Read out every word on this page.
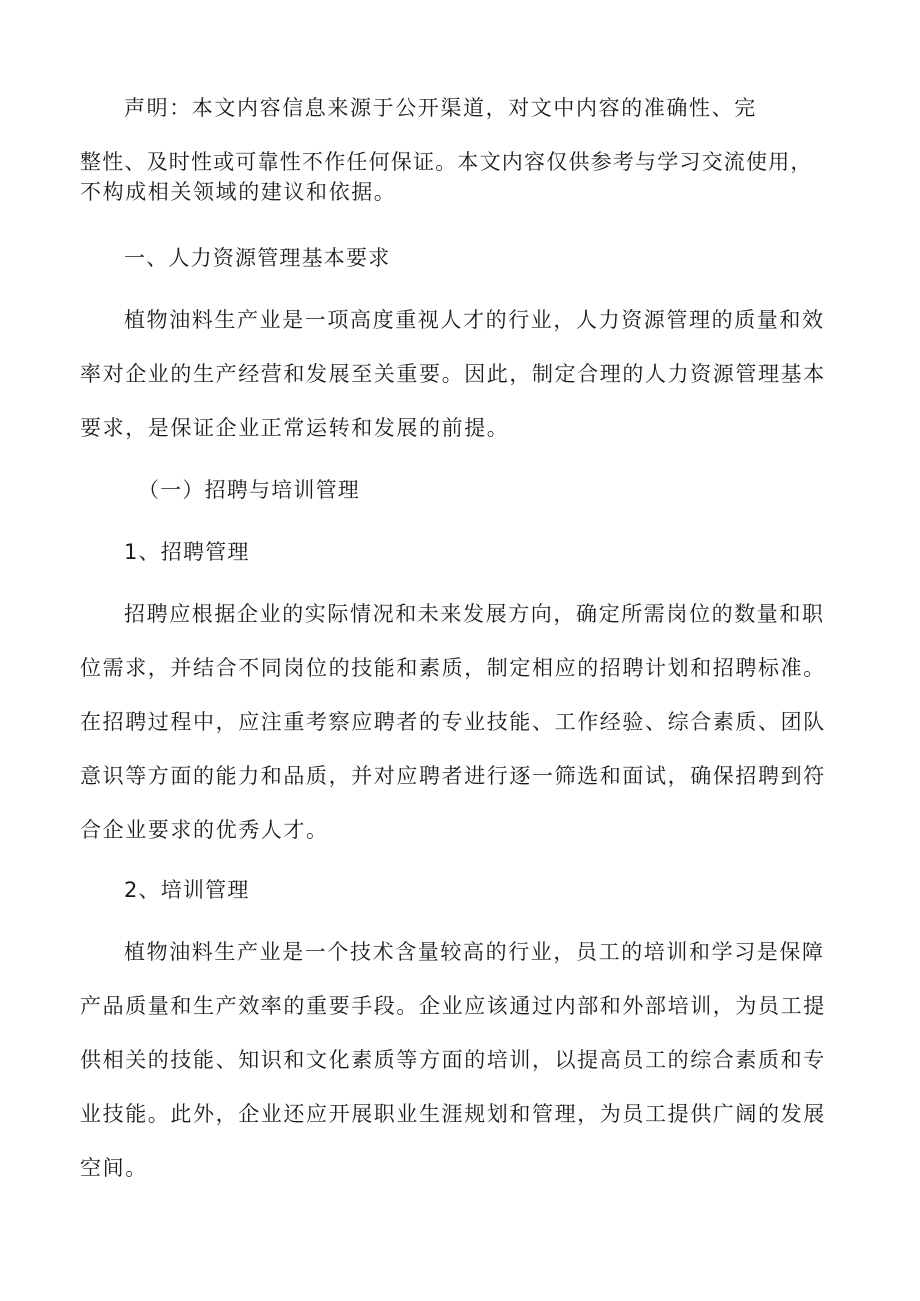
声明：本文内容信息来源于公开渠道，对文中内容的准确性、完
整性、及时性或可靠性不作任何保证。本文内容仅供参考与学习交流使用，
不构成相关领域的建议和依据。
一、人力资源管理基本要求
植物油料生产业是一项高度重视人才的行业，人力资源管理的质量和效
率对企业的生产经营和发展至关重要。因此，制定合理的人力资源管理基本
要求，是保证企业正常运转和发展的前提。
（一）招聘与培训管理
1、招聘管理
招聘应根据企业的实际情况和未来发展方向，确定所需岗位的数量和职
位需求，并结合不同岗位的技能和素质，制定相应的招聘计划和招聘标准。
在招聘过程中，应注重考察应聘者的专业技能、工作经验、综合素质、团队
意识等方面的能力和品质，并对应聘者进行逐一筛选和面试，确保招聘到符
合企业要求的优秀人才。
2、培训管理
植物油料生产业是一个技术含量较高的行业，员工的培训和学习是保障
产品质量和生产效率的重要手段。企业应该通过内部和外部培训，为员工提
供相关的技能、知识和文化素质等方面的培训，以提高员工的综合素质和专
业技能。此外，企业还应开展职业生涯规划和管理，为员工提供广阔的发展
空间。
